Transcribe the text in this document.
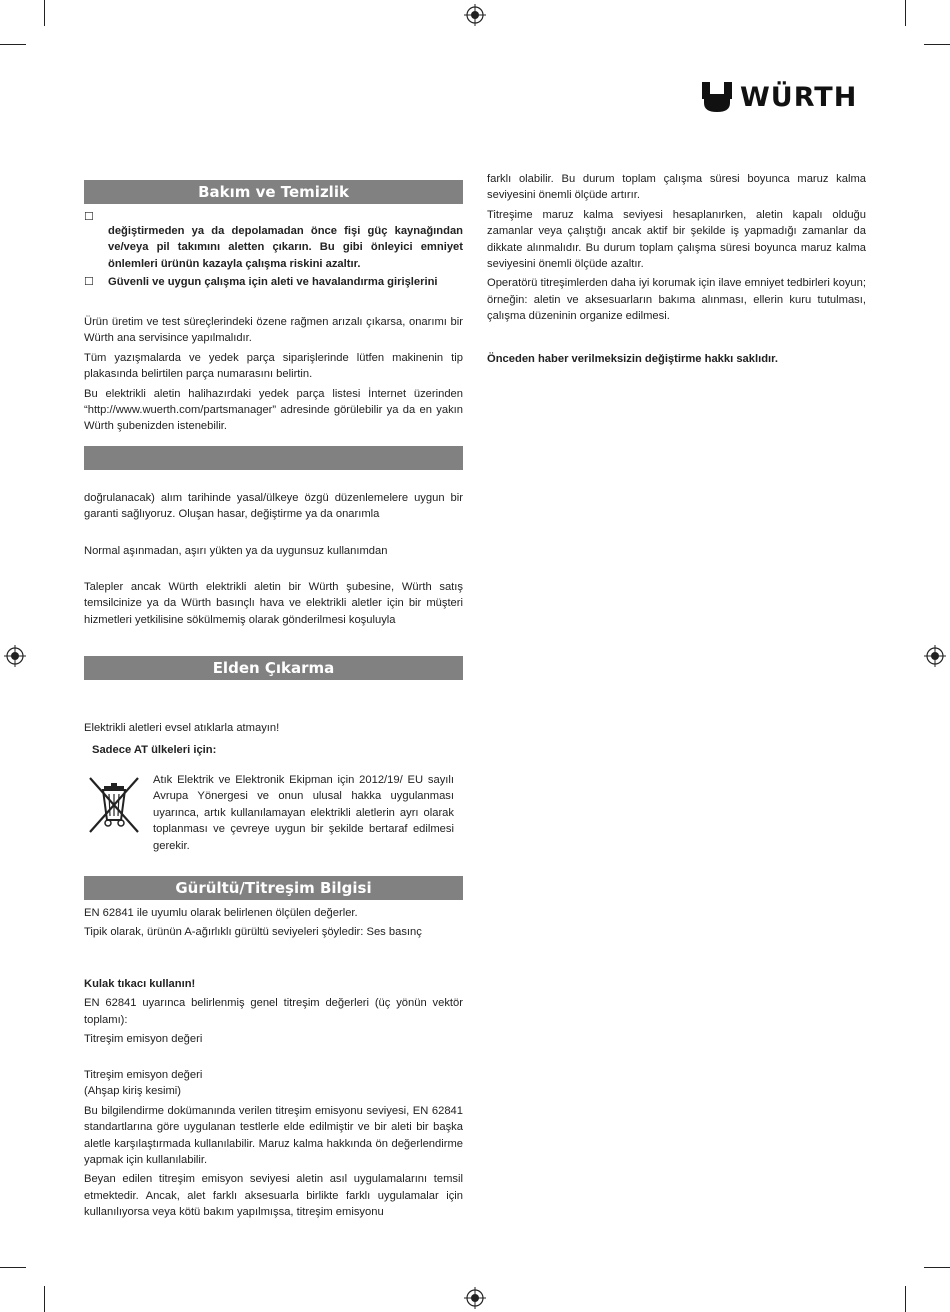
WÜRTH
Bakım ve Temizlik
☐
değiştirmeden ya da depolamadan önce fişi güç kaynağından ve/veya pil takımını aletten çıkarın. Bu gibi önleyici emniyet önlemleri ürünün kazayla çalışma riskini azaltır.
☐	Güvenli ve uygun çalışma için aleti ve havalandırma girişlerini

Ürün üretim ve test süreçlerindeki özene rağmen arızalı çıkarsa, onarımı bir Würth ana servisince yapılmalıdır.

Tüm yazışmalarda ve yedek parça siparişlerinde lütfen makinenin tip plakasında belirtilen parça numarasını belirtin.

Bu elektrikli aletin halihazırdaki yedek parça listesi İnternet üzerinden “http://www.wuerth.com/partsmanager” adresinde görülebilir ya da en yakın Würth şubenizden istenebilir.

doğrulanacak) alım tarihinde yasal/ülkeye özgü düzenlemelere uygun bir garanti sağlıyoruz. Oluşan hasar, değiştirme ya da onarımla

Normal aşınmadan, aşırı yükten ya da uygunsuz kullanımdan

Talepler ancak Würth elektrikli aletin bir Würth şubesine, Würth satış temsilcinize ya da Würth basınçlı hava ve elektrikli aletler için bir müşteri hizmetleri yetkilisine sökülmemiş olarak gönderilmesi koşuluyla

Elden Çıkarma

Elektrikli aletleri evsel atıklarla atmayın!

Sadece AT ülkeleri için:

Atık Elektrik ve Elektronik Ekipman için 2012/19/ EU sayılı Avrupa Yönergesi ve onun ulusal hakka uygulanması uyarınca, artık kullanılamayan elektrikli aletlerin ayrı olarak toplanması ve çevreye uygun bir şekilde bertaraf edilmesi gerekir.

Gürültü/Titreşim Bilgisi

EN 62841 ile uyumlu olarak belirlenen ölçülen değerler.

Tipik olarak, ürünün A-ağırlıklı gürültü seviyeleri şöyledir: Ses basınç

Kulak tıkacı kullanın!

EN 62841 uyarınca belirlenmiş genel titreşim değerleri (üç yönün vektör toplamı):

Titreşim emisyon değeri

Titreşim emisyon değeri

(Ahşap kiriş kesimi)

Bu bilgilendirme dokümanında verilen titreşim emisyonu seviyesi, EN 62841 standartlarına göre uygulanan testlerle elde edilmiştir ve bir aleti bir başka aletle karşılaştırmada kullanılabilir. Maruz kalma hakkında ön değerlendirme yapmak için kullanılabilir.

Beyan edilen titreşim emisyon seviyesi aletin asıl uygulamalarını temsil etmektedir. Ancak, alet farklı aksesuarla birlikte farklı uygulamalar için kullanılıyorsa veya kötü bakım yapılmışsa, titreşim emisyonu

farklı olabilir. Bu durum toplam çalışma süresi boyunca maruz kalma seviyesini önemli ölçüde artırır.

Titreşime maruz kalma seviyesi hesaplanırken, aletin kapalı olduğu zamanlar veya çalıştığı ancak aktif bir şekilde iş yapmadığı zamanlar da dikkate alınmalıdır. Bu durum toplam çalışma süresi boyunca maruz kalma seviyesini önemli ölçüde azaltır.

Operatörü titreşimlerden daha iyi korumak için ilave emniyet tedbirleri koyun; örneğin: aletin ve aksesuarların bakıma alınması, ellerin kuru tutulması, çalışma düzeninin organize edilmesi.

Önceden haber verilmeksizin değiştirme hakkı saklıdır.
